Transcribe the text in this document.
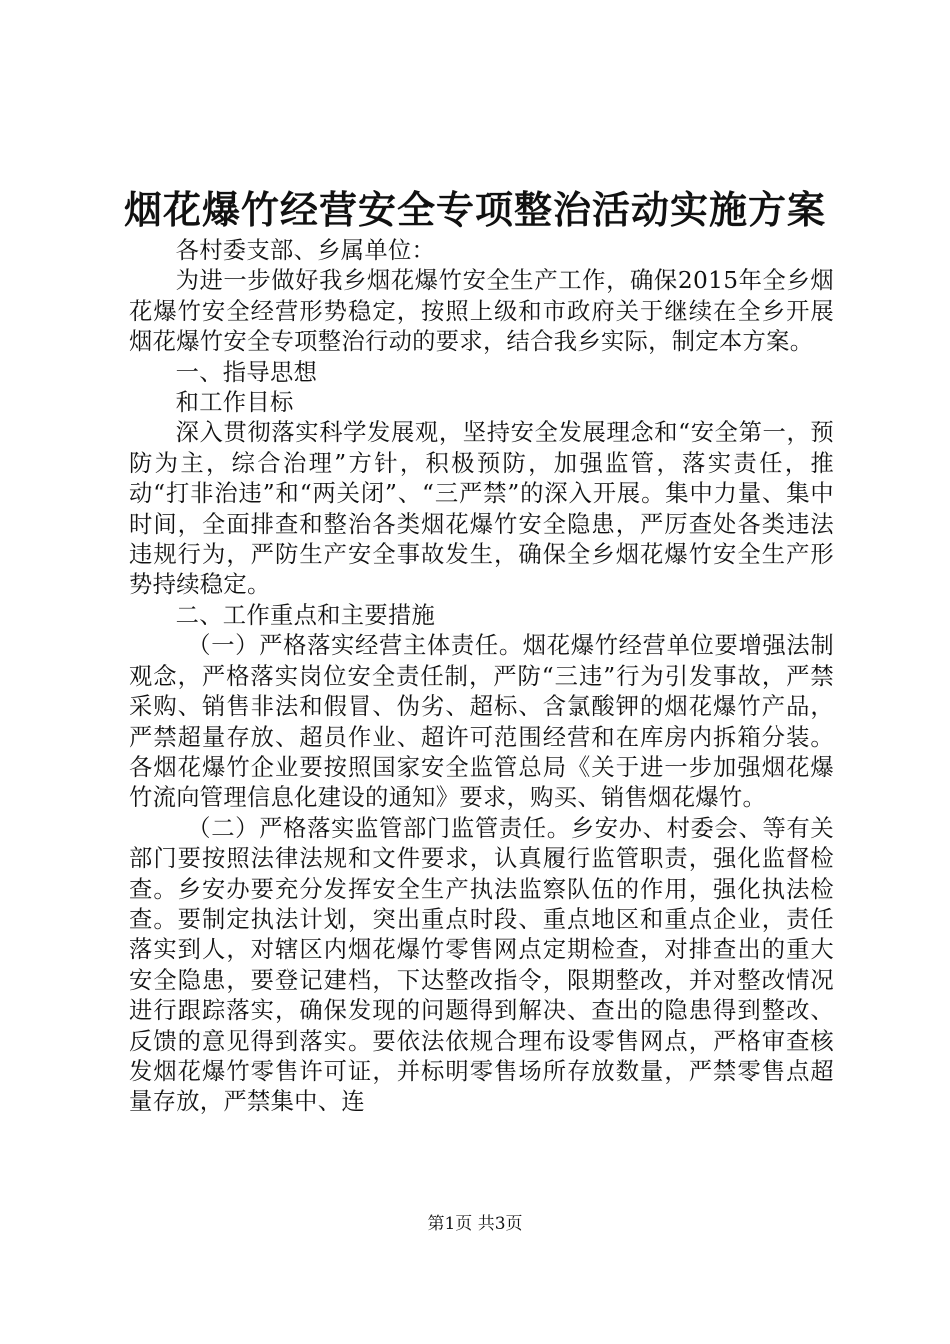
烟花爆竹经营安全专项整治活动实施方案

各村委支部、乡属单位：

为进一步做好我乡烟花爆竹安全生产工作，确保2015年全乡烟花爆竹安全经营形势稳定，按照上级和市政府关于继续在全乡开展烟花爆竹安全专项整治行动的要求，结合我乡实际，制定本方案。

一、指导思想

和工作目标

深入贯彻落实科学发展观，坚持安全发展理念和“安全第一，预防为主，综合治理”方针，积极预防，加强监管，落实责任，推动“打非治违”和“两关闭”、“三严禁”的深入开展。集中力量、集中时间，全面排查和整治各类烟花爆竹安全隐患，严厉查处各类违法违规行为，严防生产安全事故发生，确保全乡烟花爆竹安全生产形势持续稳定。

二、工作重点和主要措施

（一）严格落实经营主体责任。烟花爆竹经营单位要增强法制观念，严格落实岗位安全责任制，严防“三违”行为引发事故，严禁采购、销售非法和假冒、伪劣、超标、含氯酸钾的烟花爆竹产品，严禁超量存放、超员作业、超许可范围经营和在库房内拆箱分装。各烟花爆竹企业要按照国家安全监管总局《关于进一步加强烟花爆竹流向管理信息化建设的通知》要求，购买、销售烟花爆竹。

（二）严格落实监管部门监管责任。乡安办、村委会、等有关部门要按照法律法规和文件要求，认真履行监管职责，强化监督检查。乡安办要充分发挥安全生产执法监察队伍的作用，强化执法检查。要制定执法计划，突出重点时段、重点地区和重点企业，责任落实到人，对辖区内烟花爆竹零售网点定期检查，对排查出的重大安全隐患，要登记建档，下达整改指令，限期整改，并对整改情况进行跟踪落实，确保发现的问题得到解决、查出的隐患得到整改、反馈的意见得到落实。要依法依规合理布设零售网点，严格审查核发烟花爆竹零售许可证，并标明零售场所存放数量，严禁零售点超量存放，严禁集中、连

第1页 共3页
